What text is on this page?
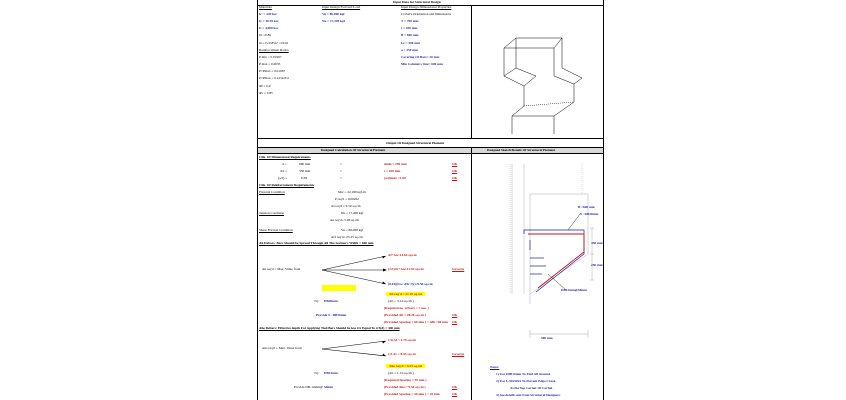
Input Data for Structural Design
Materials
fc' = 240 ksc
fy = 20.95 ksc
fs = 4,000 ksc
β1 =0.85
m = fy/0.85fc' =19.61
Reinforcement Ratios
P min = 0.01967
P max = 0.0035
P>Pmax = 0.01967
P>Pmax = 0.1231Ø/d
Φf = 0.9
Φv = 0.85
Input Design Factored Load
Vu = 86,000 kgf
Nu = 17,200 kgf
Input Design Dimensional Properties
Corbel's Orientation and Dimensions
T = 700 mm
t = 450 mm
B = 600 mm
Lc = 500 mm
a = 250 mm
Covering Of Bars= 20 mm
Min Column's Size= 600 mm
Output Of Designed Structural Element
Designed Calculation Of Structural Element	Designed Sketch/Details Of Structural Element
Chk. Of Dimensional Requirements
d =	660 mm	>	dmin = 299 mm	OK
d/2 =	330 mm	<	t = 450 mm	OK
(a/d) =	0.38	<	(a/d)max =1.00	OK
Chk. Of Reinforcement Requirements
Flexural Condition	Mu/ = 22,180 kgf-m
P req'd = 0.00262
Af req'd = 9.50 sq.cm
Tension Condition	Nu = 17,200 kgf
An req'd= 5.06 sq.cm
Shear Friction Condition	Vu = 86,000 kgf
Avf req'd= 25.25 sq.cm
Ah Debars: Bars Should be Spread Through All The Section's Width = 600 mm
Ah req'd = Max. Value from
Af+An=14.64 sq.cm
(2/3)Av+An=21.92 sq.cm	Governs
(0.04)(fcw/ d/fc'/fy)=9.50 sq.cm
Ah req'd = 21.92 sq.cm
Try DB20mm	(Ab = 3.14 sq.cm )
(Required no. of bars = 7 nos. )
Provide 9 - DB20mm	(Provided Ah = 28.26 sq.cm )	OK
(Provided Spacing = 60 mm ) < 3dh =60 mm OK
Ahe Debars: Effective depth For Applying Tied Bars Should be less Or Equal To 2/3(d) = 440 mm
Ahe req'd = Max. Value from
1/2(Af = 4.75 sq.cm
1/3 Av = 8.43 sq.cm	Governs
Ahe req'd = 8.43 sq.cm
Try DB12mm	(Ab = 1.13 sq.cm )
(Required Spacing = 59 mm )
Provide DB-12mm@ 50mm	(Provided Ahe = 9.50 sq.cm )	OK
(Provided Spacing = 50 mm ) < 25 mm	OK
B =600 mm
9 - DB20mm
450 mm
250 mm
DB12mm@50mm
500 mm
Notes:
1) Use 2DB12mm To Tied All Around.
2) Use L-50x50x5 To Percent Edge Crack
At the Top Corner Of Corbel.
3) See details sent from Structural Designers
